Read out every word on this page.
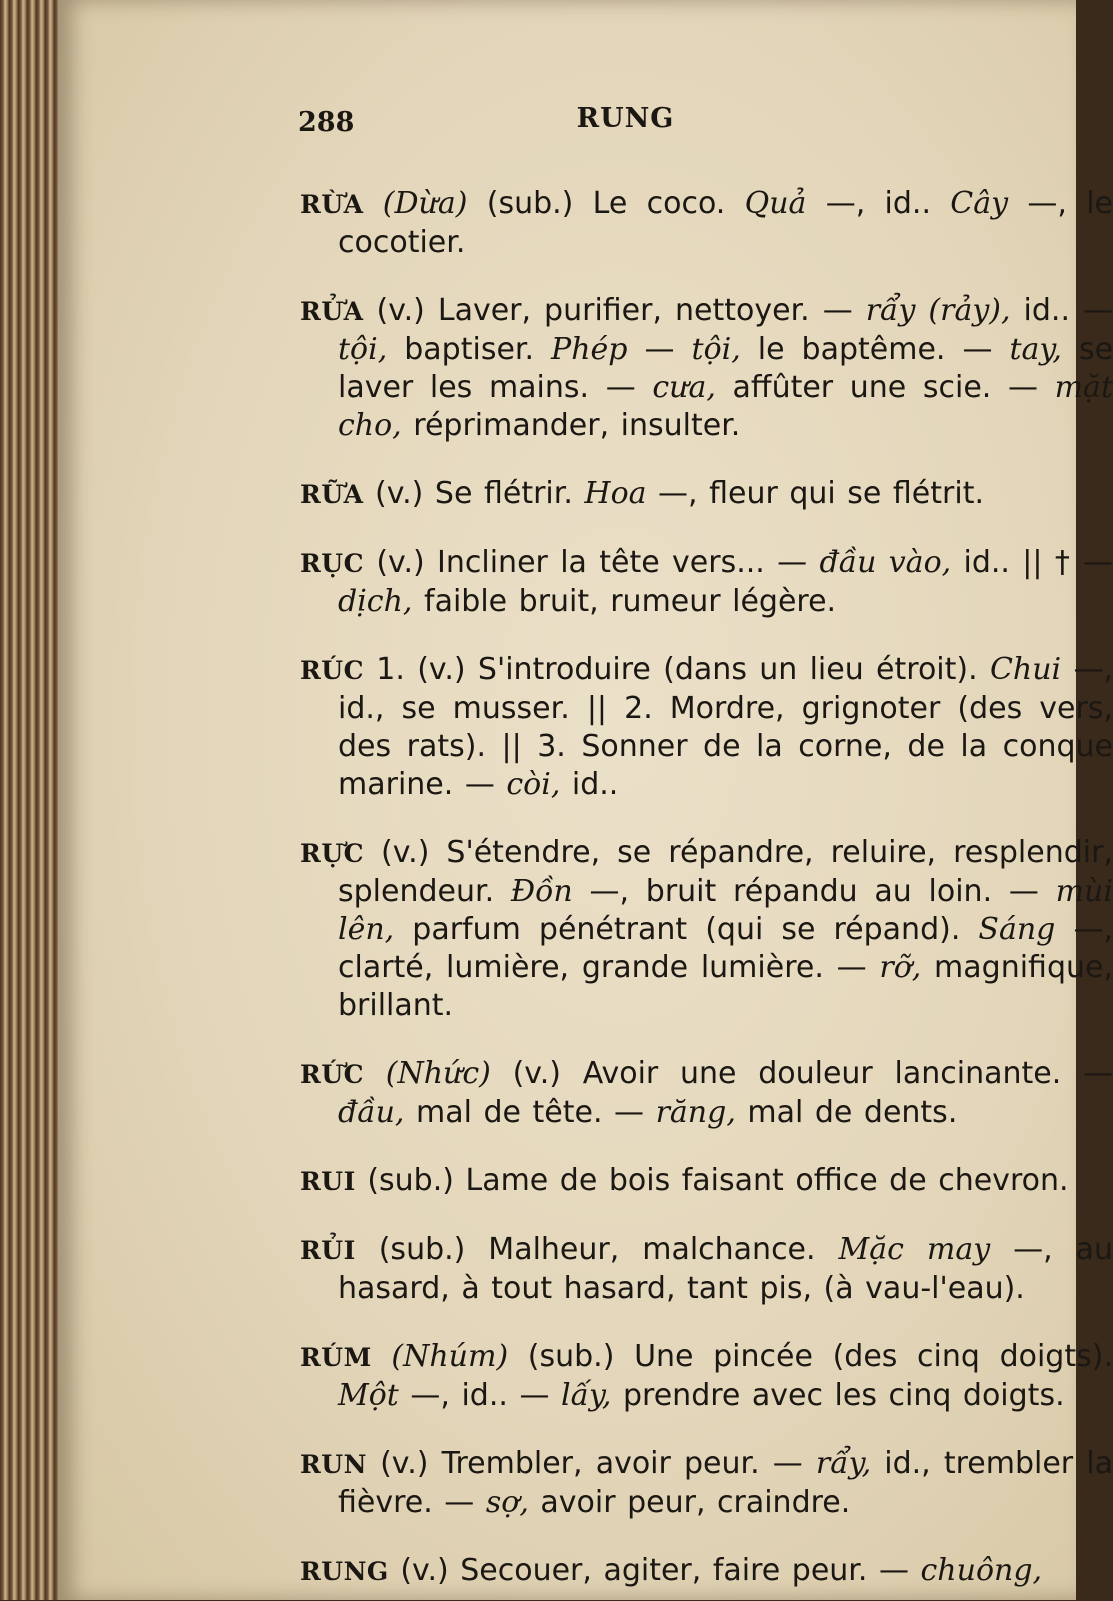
288	RUNG

RỪA (Dừa) (sub.) Le coco. Quả —, id.. Cây —, le cocotier.

RỬA (v.) Laver, purifier, nettoyer. — rẩy (rảy), id.. — tội, baptiser. Phép — tội, le baptême. — tay, se laver les mains. — cưa, affûter une scie. — mặt cho, réprimander, insulter.

RỮA (v.) Se flétrir. Hoa —, fleur qui se flétrit.

RỤC (v.) Incliner la tête vers... — đầu vào, id.. || † — dịch, faible bruit, rumeur légère.

RÚC 1. (v.) S'introduire (dans un lieu étroit). Chui —, id., se musser. || 2. Mordre, grignoter (des vers, des rats). || 3. Sonner de la corne, de la conque marine. — còi, id..

RỰC (v.) S'étendre, se répandre, reluire, resplendir, splendeur. Đồn —, bruit répandu au loin. — mùi lên, parfum pénétrant (qui se répand). Sáng —, clarté, lumière, grande lumière. — rỡ, magnifique, brillant.

RỨC (Nhức) (v.) Avoir une douleur lancinante. — đầu, mal de tête. — răng, mal de dents.

RUI (sub.) Lame de bois faisant office de chevron.

RỦI (sub.) Malheur, malchance. Mặc may —, au hasard, à tout hasard, tant pis, (à vau-l'eau).

RÚM (Nhúm) (sub.) Une pincée (des cinq doigts). Một —, id.. — lấy, prendre avec les cinq doigts.

RUN (v.) Trembler, avoir peur. — rẩy, id., trembler la fièvre. — sợ, avoir peur, craindre.

RUNG (v.) Secouer, agiter, faire peur. — chuông,
